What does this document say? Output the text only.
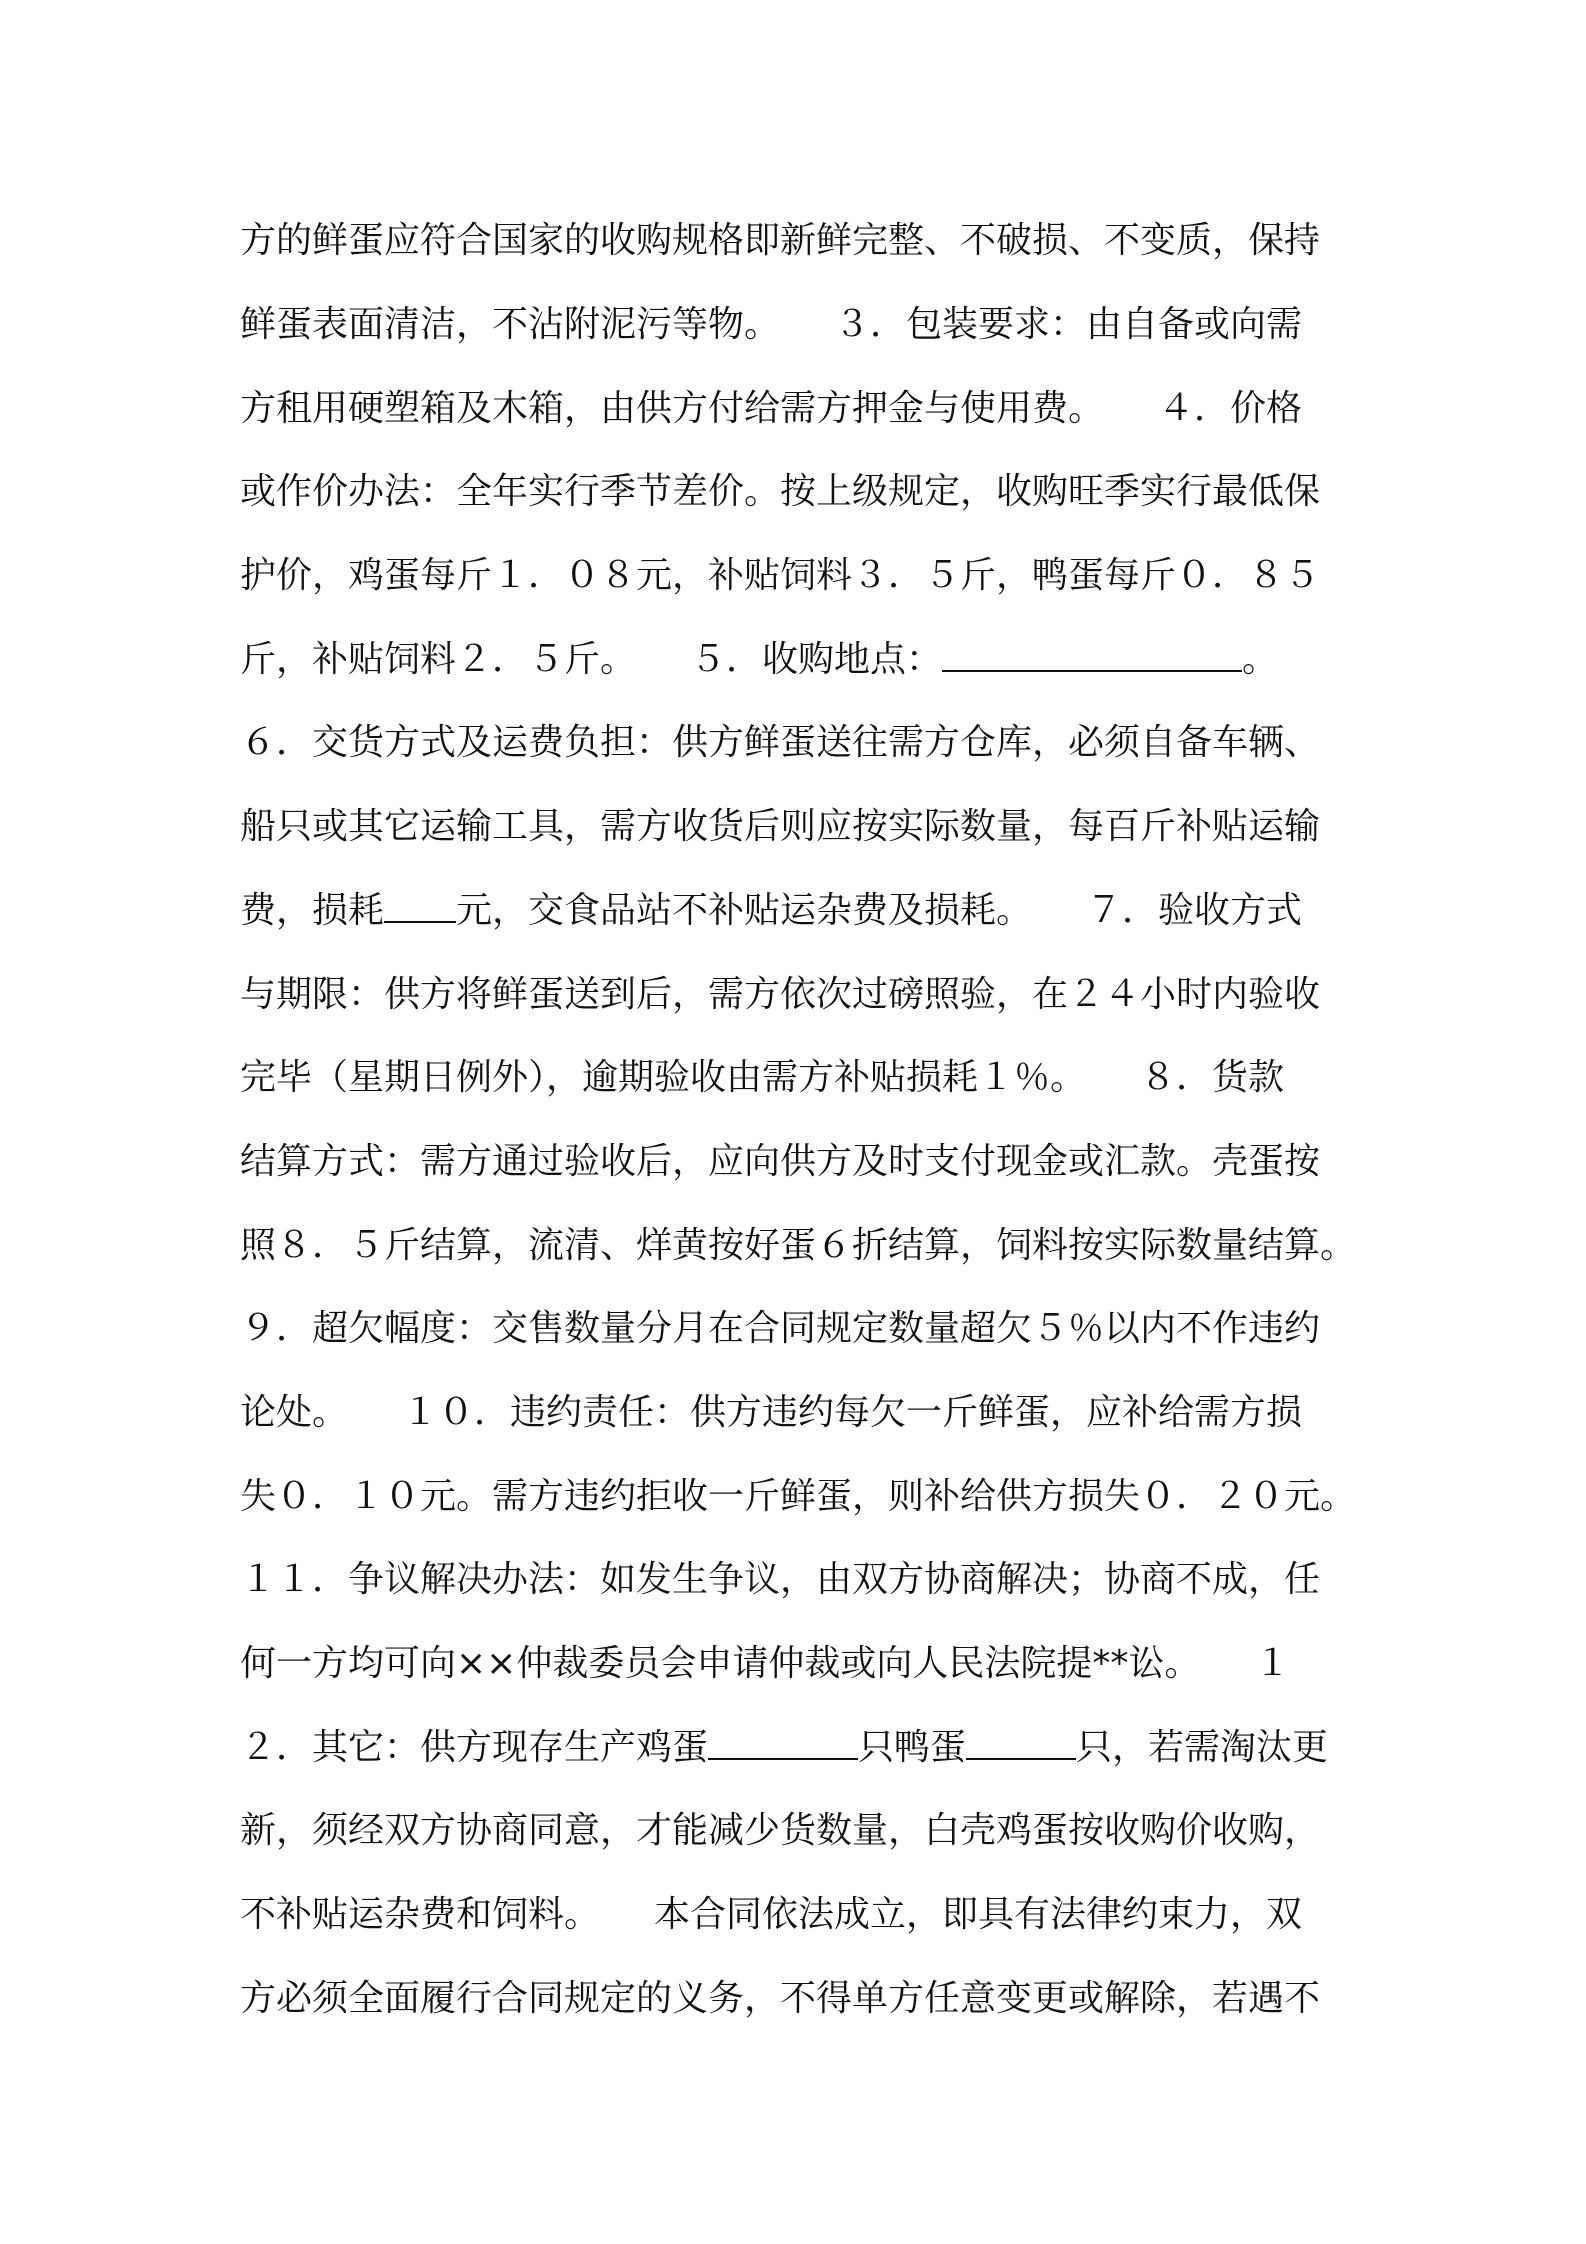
方的鲜蛋应符合国家的收购规格即新鲜完整、不破损、不变质，保持
鲜蛋表面清洁，不沾附泥污等物。　　３．包装要求：由自备或向需
方租用硬塑箱及木箱，由供方付给需方押金与使用费。　　４．价格
或作价办法：全年实行季节差价。按上级规定，收购旺季实行最低保
护价，鸡蛋每斤１．０８元，补贴饲料３．５斤，鸭蛋每斤０．８５
斤，补贴饲料２．５斤。　　５．收购地点：	。
６．交货方式及运费负担：供方鲜蛋送往需方仓库，必须自备车辆、
船只或其它运输工具，需方收货后则应按实际数量，每百斤补贴运输
费，损耗 元，交食品站不补贴运杂费及损耗。　　７．验收方式
与期限：供方将鲜蛋送到后，需方依次过磅照验，在２４小时内验收
完毕（星期日例外），逾期验收由需方补贴损耗１％。　　８．货款
结算方式：需方通过验收后，应向供方及时支付现金或汇款。壳蛋按
照８．５斤结算，流清、烊黄按好蛋６折结算，饲料按实际数量结算。
９．超欠幅度：交售数量分月在合同规定数量超欠５％以内不作违约
论处。　　１０．违约责任：供方违约每欠一斤鲜蛋，应补给需方损
失０．１０元。需方违约拒收一斤鲜蛋，则补给供方损失０．２０元。
１１．争议解决办法：如发生争议，由双方协商解决；协商不成，任
何一方均可向××仲裁委员会申请仲裁或向人民法院提**讼。　　１
２．其它：供方现存生产鸡蛋	只鸭蛋	只，若需淘汰更
新，须经双方协商同意，才能减少货数量，白壳鸡蛋按收购价收购，
不补贴运杂费和饲料。　　本合同依法成立，即具有法律约束力，双
方必须全面履行合同规定的义务，不得单方任意变更或解除，若遇不
